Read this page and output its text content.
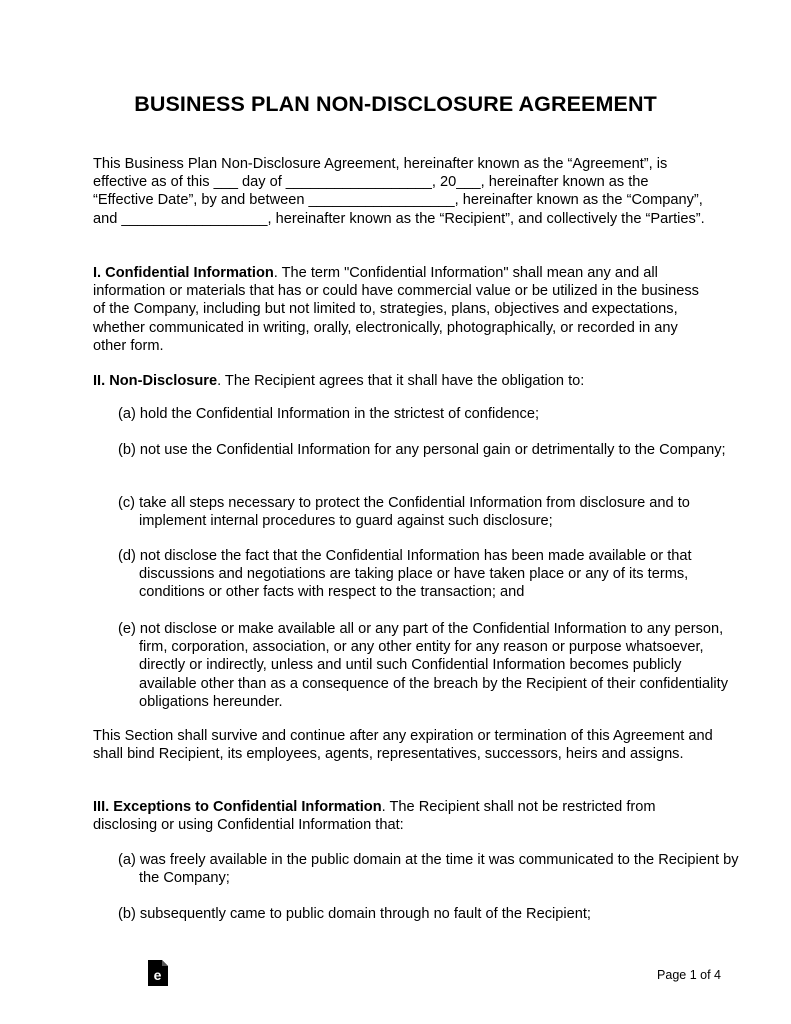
BUSINESS PLAN NON-DISCLOSURE AGREEMENT
This Business Plan Non-Disclosure Agreement, hereinafter known as the “Agreement”, is effective as of this ___ day of __________________, 20___, hereinafter known as the “Effective Date”, by and between __________________, hereinafter known as the “Company”, and __________________, hereinafter known as the “Recipient”, and collectively the “Parties”.
I. Confidential Information. The term "Confidential Information" shall mean any and all information or materials that has or could have commercial value or be utilized in the business of the Company, including but not limited to, strategies, plans, objectives and expectations, whether communicated in writing, orally, electronically, photographically, or recorded in any other form.
II. Non-Disclosure. The Recipient agrees that it shall have the obligation to:
(a) hold the Confidential Information in the strictest of confidence;
(b) not use the Confidential Information for any personal gain or detrimentally to the Company;
(c) take all steps necessary to protect the Confidential Information from disclosure and to implement internal procedures to guard against such disclosure;
(d) not disclose the fact that the Confidential Information has been made available or that discussions and negotiations are taking place or have taken place or any of its terms, conditions or other facts with respect to the transaction; and
(e) not disclose or make available all or any part of the Confidential Information to any person, firm, corporation, association, or any other entity for any reason or purpose whatsoever, directly or indirectly, unless and until such Confidential Information becomes publicly available other than as a consequence of the breach by the Recipient of their confidentiality obligations hereunder.
This Section shall survive and continue after any expiration or termination of this Agreement and shall bind Recipient, its employees, agents, representatives, successors, heirs and assigns.
III. Exceptions to Confidential Information. The Recipient shall not be restricted from disclosing or using Confidential Information that:
(a) was freely available in the public domain at the time it was communicated to the Recipient by the Company;
(b) subsequently came to public domain through no fault of the Recipient;
e	Page 1 of 4
